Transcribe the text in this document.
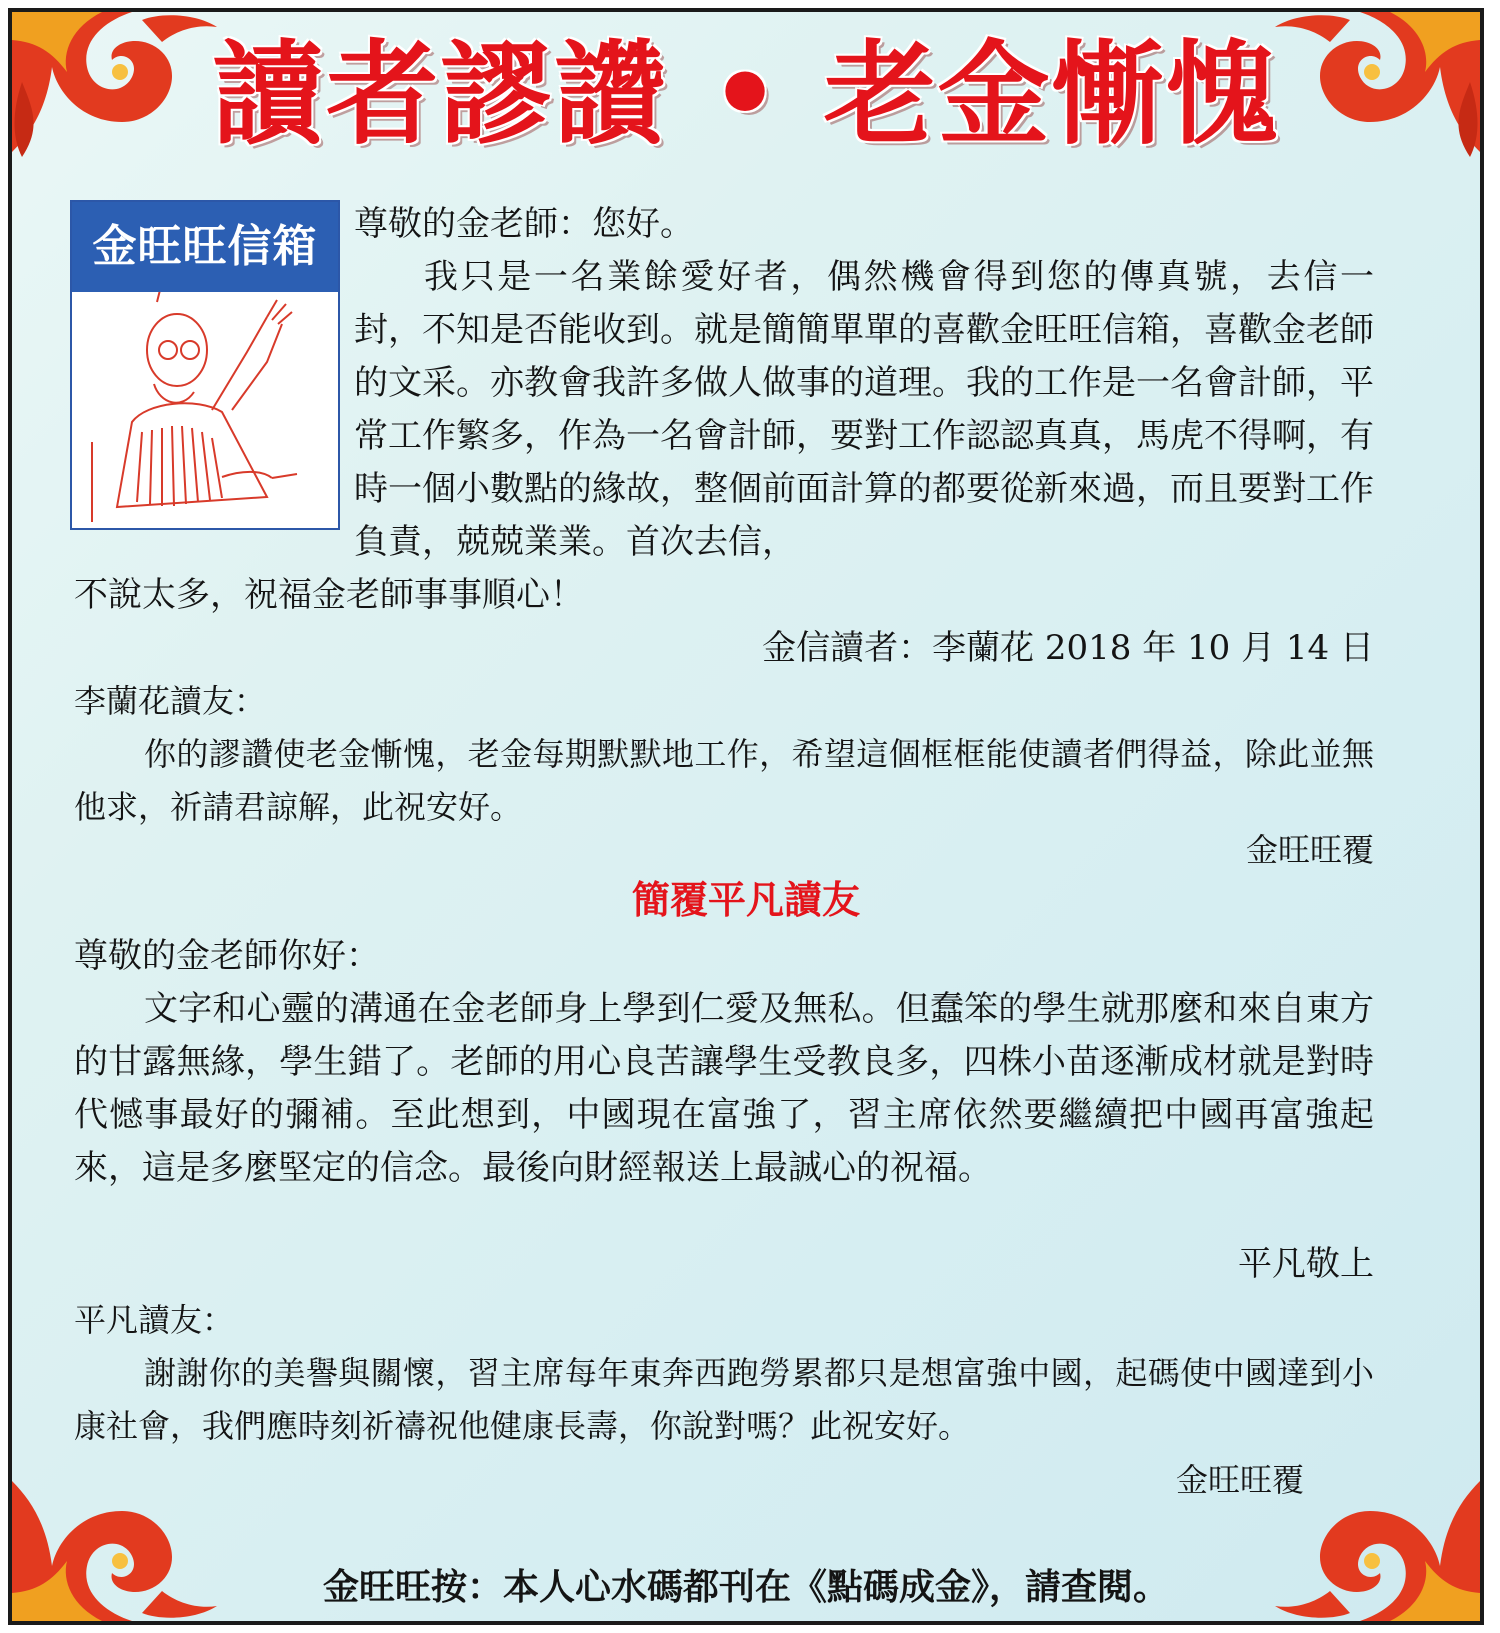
讀者謬讚 • 老金慚愧
金旺旺信箱	尊敬的金老師：您好。

我只是一名業餘愛好者，偶然機會得到您的傳真號，去信一封，不知是否能收到。就是簡簡單單的喜歡金旺旺信箱，喜歡金老師的文采。亦教會我許多做人做事的道理。我的工作是一名會計師，平常工作繁多，作為一名會計師，要對工作認認真真，馬虎不得啊，有時一個小數點的緣故，整個前面計算的都要從新來過，而且要對工作負責，兢兢業業。首次去信，

不說太多，祝福金老師事事順心！

金信讀者：李蘭花 2018 年 10 月 14 日

李蘭花讀友：

你的謬讚使老金慚愧，老金每期默默地工作，希望這個框框能使讀者們得益，除此並無他求，祈請君諒解，此祝安好。

金旺旺覆

簡覆平凡讀友

尊敬的金老師你好：

文字和心靈的溝通在金老師身上學到仁愛及無私。但蠢笨的學生就那麼和來自東方的甘露無緣，學生錯了。老師的用心良苦讓學生受教良多，四株小苗逐漸成材就是對時代憾事最好的彌補。至此想到，中國現在富強了，習主席依然要繼續把中國再富強起來，這是多麼堅定的信念。最後向財經報送上最誠心的祝福。

平凡敬上

平凡讀友：

謝謝你的美譽與關懷，習主席每年東奔西跑勞累都只是想富強中國，起碼使中國達到小康社會，我們應時刻祈禱祝他健康長壽，你說對嗎？此祝安好。

金旺旺覆

金旺旺按：本人心水碼都刊在《點碼成金》，請查閱。
